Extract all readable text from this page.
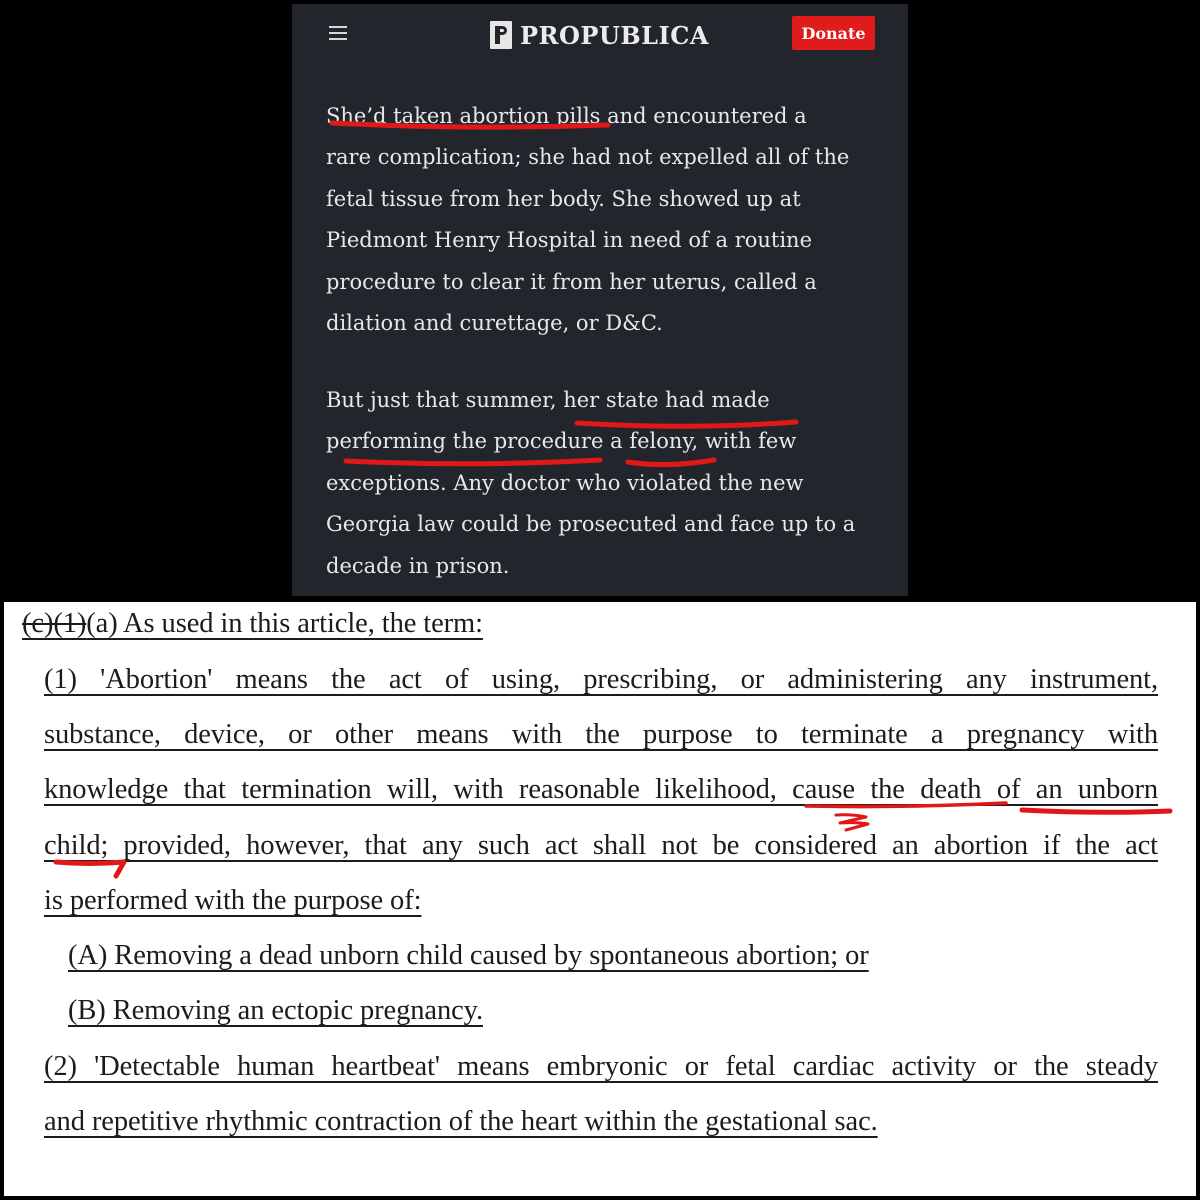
PROPUBLICA	Donate

She’d taken abortion pills and encountered a
rare complication; she had not expelled all of the
fetal tissue from her body. She showed up at
Piedmont Henry Hospital in need of a routine
procedure to clear it from her uterus, called a
dilation and curettage, or D&C.

But just that summer, her state had made
performing the procedure a felony, with few
exceptions. Any doctor who violated the new
Georgia law could be prosecuted and face up to a
decade in prison.

(c)(1)(a) As used in this article, the term:
(1) 'Abortion' means the act of using, prescribing, or administering any instrument,
substance, device, or other means with the purpose to terminate a pregnancy with
knowledge that termination will, with reasonable likelihood, cause the death of an unborn
child; provided, however, that any such act shall not be considered an abortion if the act
is performed with the purpose of:
(A) Removing a dead unborn child caused by spontaneous abortion; or
(B) Removing an ectopic pregnancy.
(2) 'Detectable human heartbeat' means embryonic or fetal cardiac activity or the steady
and repetitive rhythmic contraction of the heart within the gestational sac.
